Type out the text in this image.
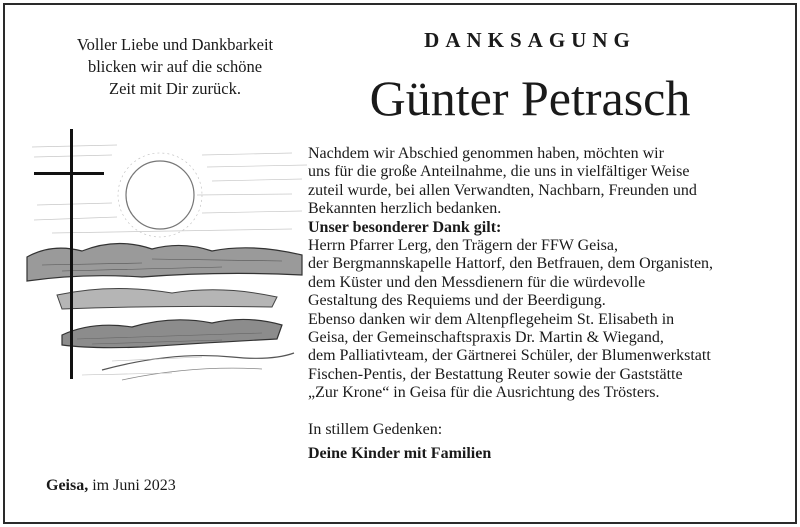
Voller Liebe und Dankbarkeit
blicken wir auf die schöne
Zeit mit Dir zurück.
DANKSAGUNG
Günter Petrasch
Nachdem wir Abschied genommen haben, möchten wir
uns für die große Anteilnahme, die uns in vielfältiger Weise
zuteil wurde, bei allen Verwandten, Nachbarn, Freunden und
Bekannten herzlich bedanken.
Unser besonderer Dank gilt:
Herrn Pfarrer Lerg, den Trägern der FFW Geisa,
der Bergmannskapelle Hattorf, den Betfrauen, dem Organisten,
dem Küster und den Messdienern für die würdevolle
Gestaltung des Requiems und der Beerdigung.
Ebenso danken wir dem Altenpflegeheim St. Elisabeth in
Geisa, der Gemeinschaftspraxis Dr. Martin & Wiegand,
dem Palliativteam, der Gärtnerei Schüler, der Blumenwerkstatt
Fischen-Pentis, der Bestattung Reuter sowie der Gaststätte
„Zur Krone“ in Geisa für die Ausrichtung des Trösters.
In stillem Gedenken:
Deine Kinder mit Familien
Geisa, im Juni 2023
